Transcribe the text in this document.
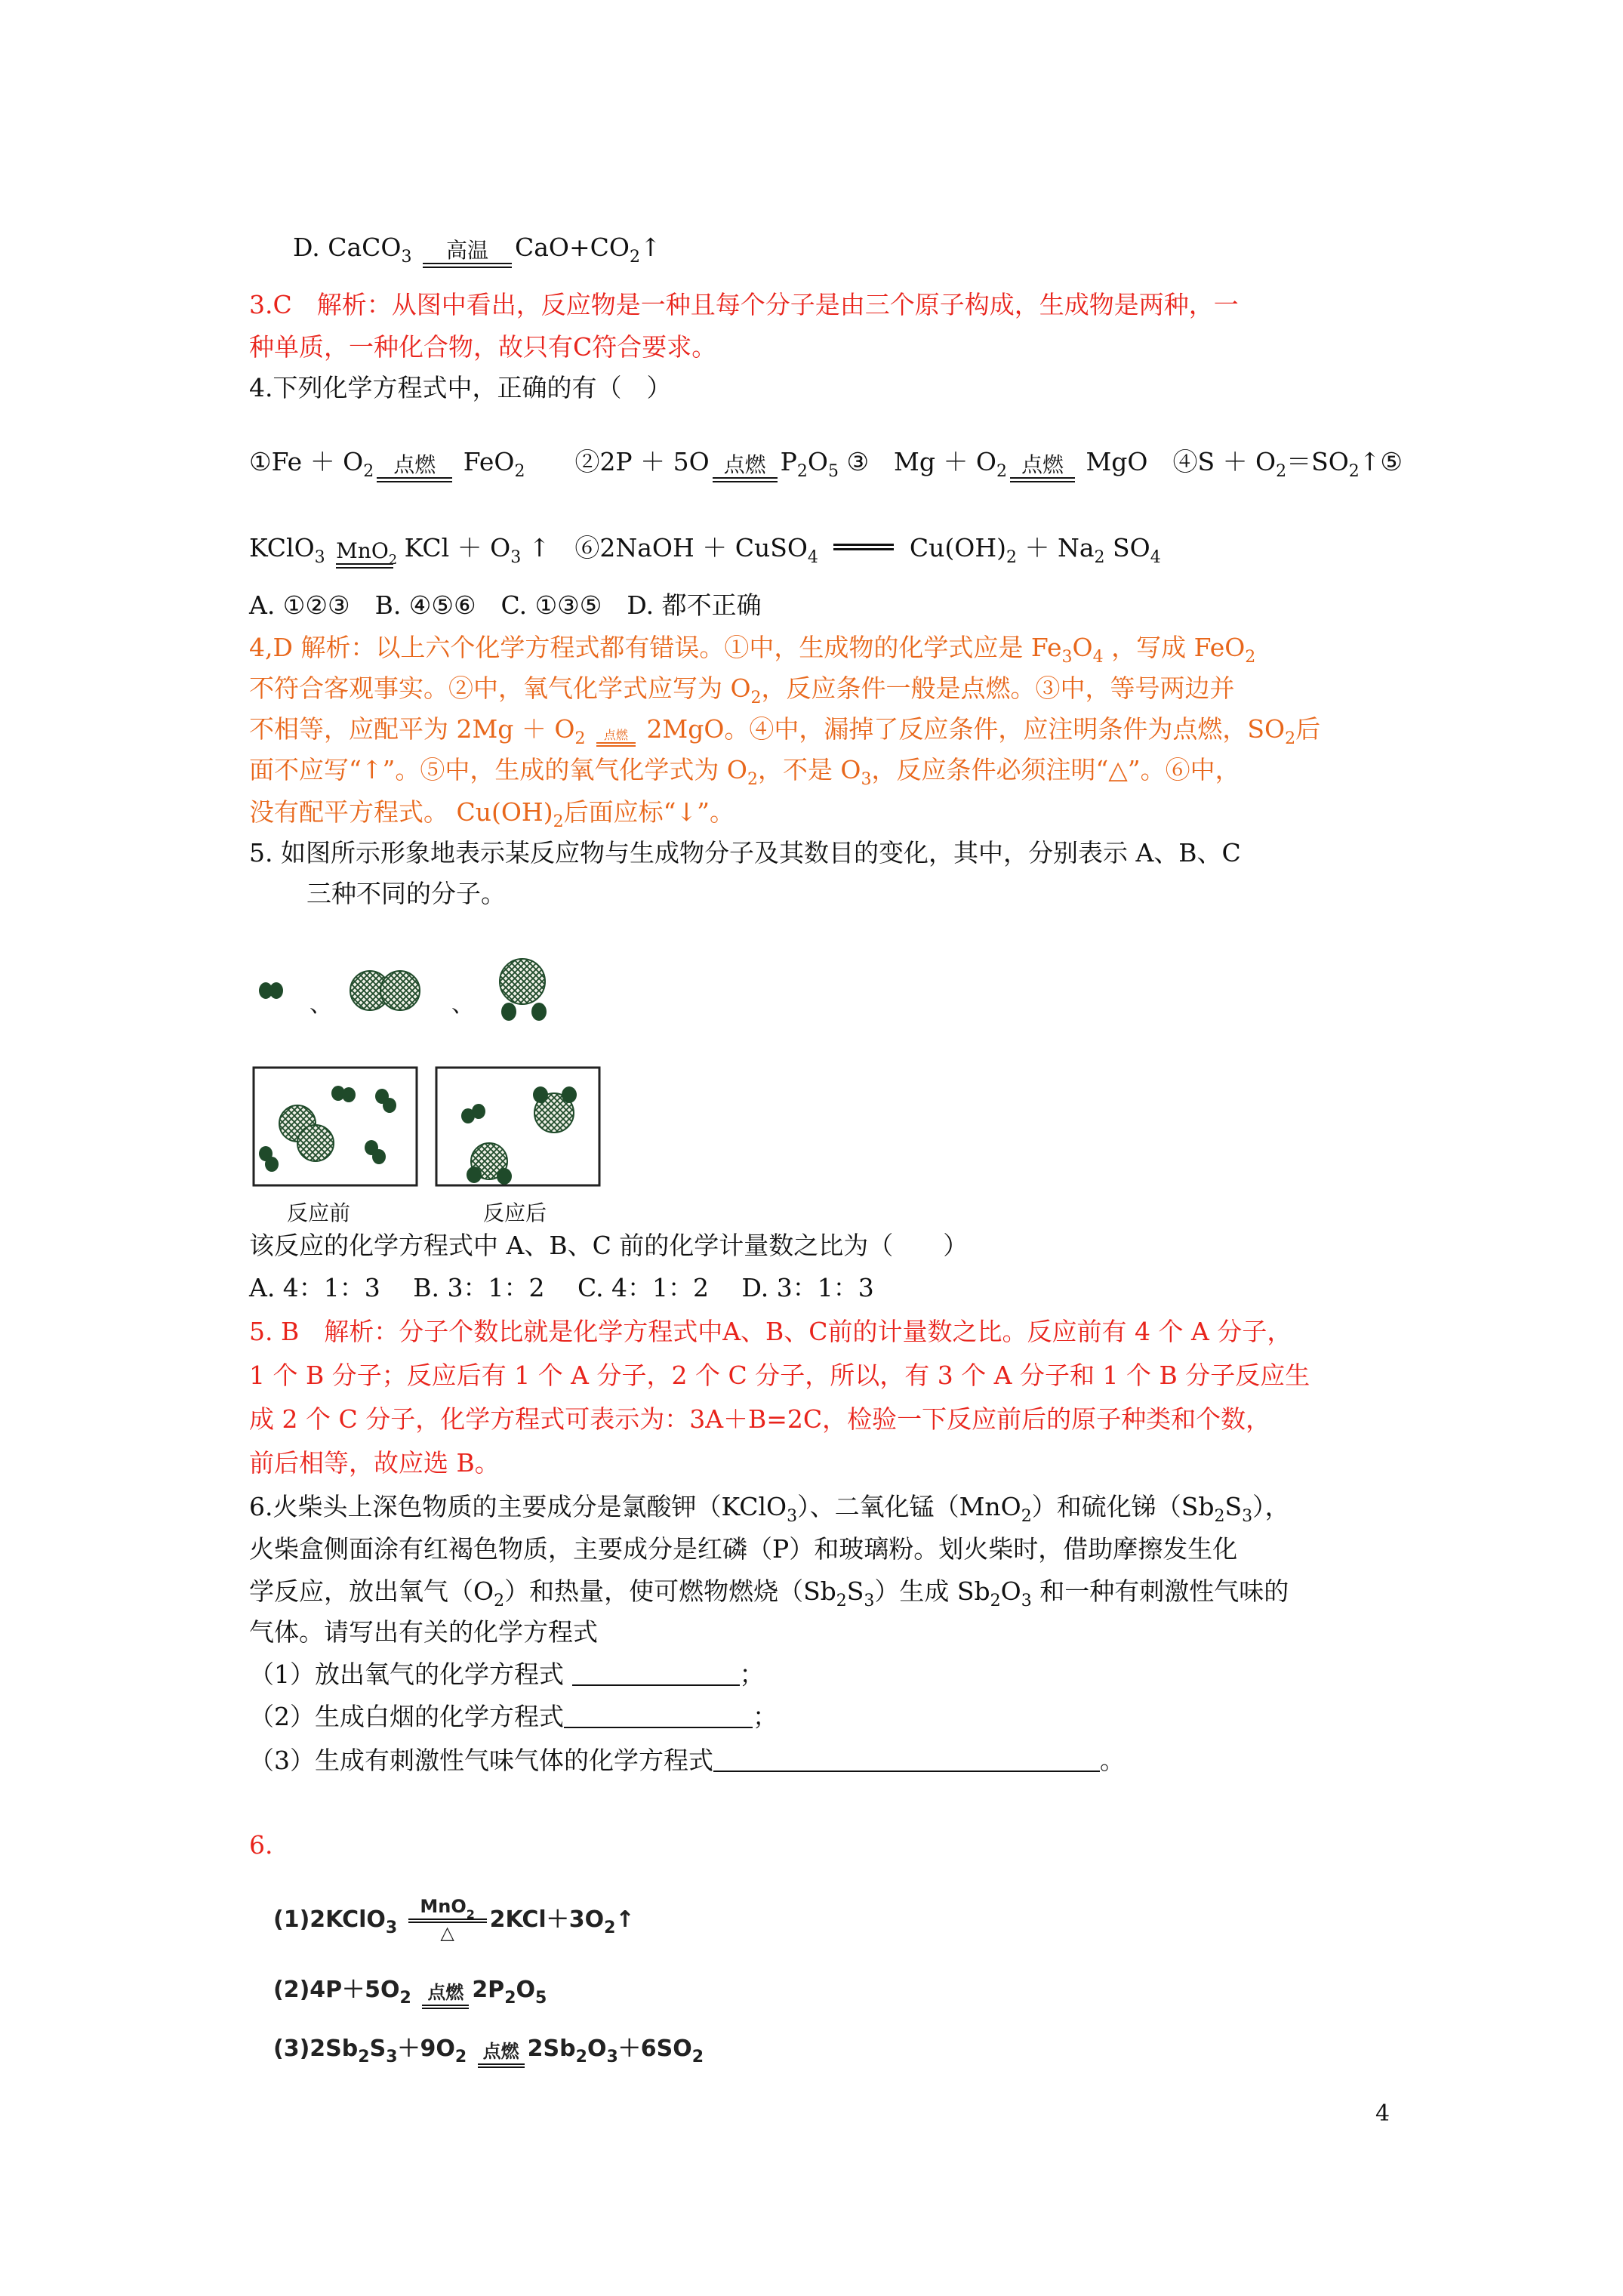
D. CaCO$_3$	高温	$CaO+CO_2↑$
3.C　解析：从图中看出，反应物是一种且每个分子是由三个原子构成，生成物是两种，一
种单质，一种化合物，故只有C符合要求。
4.下列化学方程式中，正确的有（　）
①Fe ＋ $O_2$ 点燃	FeO$_2$　　 ②2P ＋ 5O 点燃 $P_2O_5$ ③　$Mg + O_2$ 点燃 MgO　④S ＋ $O_2=SO_2↑⑤$
KClO$_3$ MnO$_2$ KCl ＋ $O_3$ ↑　⑥2NaOH ＋ CuSO$_4$	$Cu(OH)_2 + Na_2$ $SO_4$
A. ①②③　B. ④⑤⑥　C. ①③⑤　D. 都不正确
4,D 解析：以上六个化学方程式都有错误。①中，生成物的化学式应是 $Fe_3O_4$ ，写成 FeO$_2$
不符合客观事实。②中，氧气化学式应写为 $O_2$，反应条件一般是点燃。③中，等号两边并
不相等，应配平为 $2Mg + O_2$	点燃 2MgO。④中，漏掉了反应条件，应注明条件为点燃，$SO_2$后
面不应写“↑”。⑤中，生成的氧气化学式为 $O_2$，不是 $O_3$，反应条件必须注明“△”。⑥中，
没有配平方程式。 $Cu(OH)_2$后面应标“↓”。
5. 如图所示形象地表示某反应物与生成物分子及其数目的变化，其中，分别表示 A、B、C
三种不同的分子。
、	、
反应前	反应后
该反应的化学方程式中 A、B、C 前的化学计量数之比为（　　）
A. 4：1：3　 B. 3：1：2　 C. 4：1：2　 D. 3：1：3
5. B　解析：分子个数比就是化学方程式中A、B、C前的计量数之比。反应前有 4 个 A 分子，
1 个 B 分子；反应后有 1 个 A 分子，2 个 C 分子，所以，有 3 个 A 分子和 1 个 B 分子反应生
成 2 个 C 分子，化学方程式可表示为：3A＋B=2C，检验一下反应前后的原子种类和个数，
前后相等，故应选 B。
6.火柴头上深色物质的主要成分是氯酸钾（KClO$_3$）、二氧化锰（MnO$_2$）和硫化锑$(Sb_2S_3)$，
火柴盒侧面涂有红褐色物质，主要成分是红磷（P）和玻璃粉。划火柴时，借助摩擦发生化
学反应，放出氧气$(O_2)$和热量，使可燃物燃烧$(Sb_2S_3)$生成 $Sb_2O_3$ 和一种有刺激性气味的
气体。请写出有关的化学方程式
（1）放出氧气的化学方程式	；
（2）生成白烟的化学方程式	；
（3）生成有刺激性气味气体的化学方程式	。
6.
(1)2KClO$_3$
MnO$_2$
△	$2KCl+3O_2↑$
$(2)4P+5O_2$ 点燃 $2P_2O_5$
$(3)2Sb_2S_3+9O_2$ 点燃 $2Sb_2O_3+6SO_2$
4
